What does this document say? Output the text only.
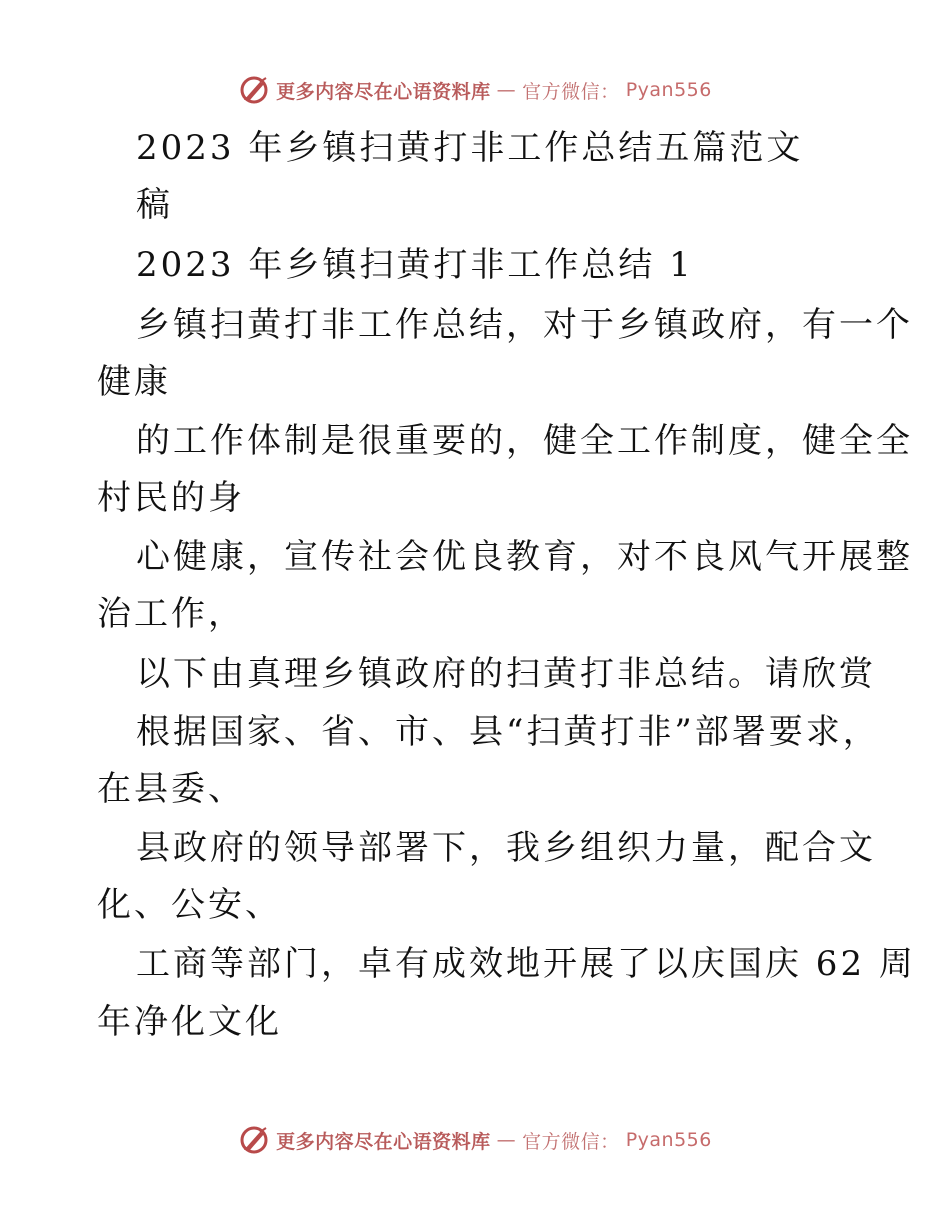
更多内容尽在心语资料库 — 官方微信： Pyan556
2023 年乡镇扫黄打非工作总结五篇范文
稿
2023 年乡镇扫黄打非工作总结 1
乡镇扫黄打非工作总结，对于乡镇政府，有一个
健康
的工作体制是很重要的，健全工作制度，健全全
村民的身
心健康，宣传社会优良教育，对不良风气开展整
治工作，
以下由真理乡镇政府的扫黄打非总结。请欣赏
根据国家、省、市、县“扫黄打非”部署要求，
在县委、
县政府的领导部署下，我乡组织力量，配合文
化、公安、
工商等部门，卓有成效地开展了以庆国庆 62 周
年净化文化
更多内容尽在心语资料库 — 官方微信： Pyan556
